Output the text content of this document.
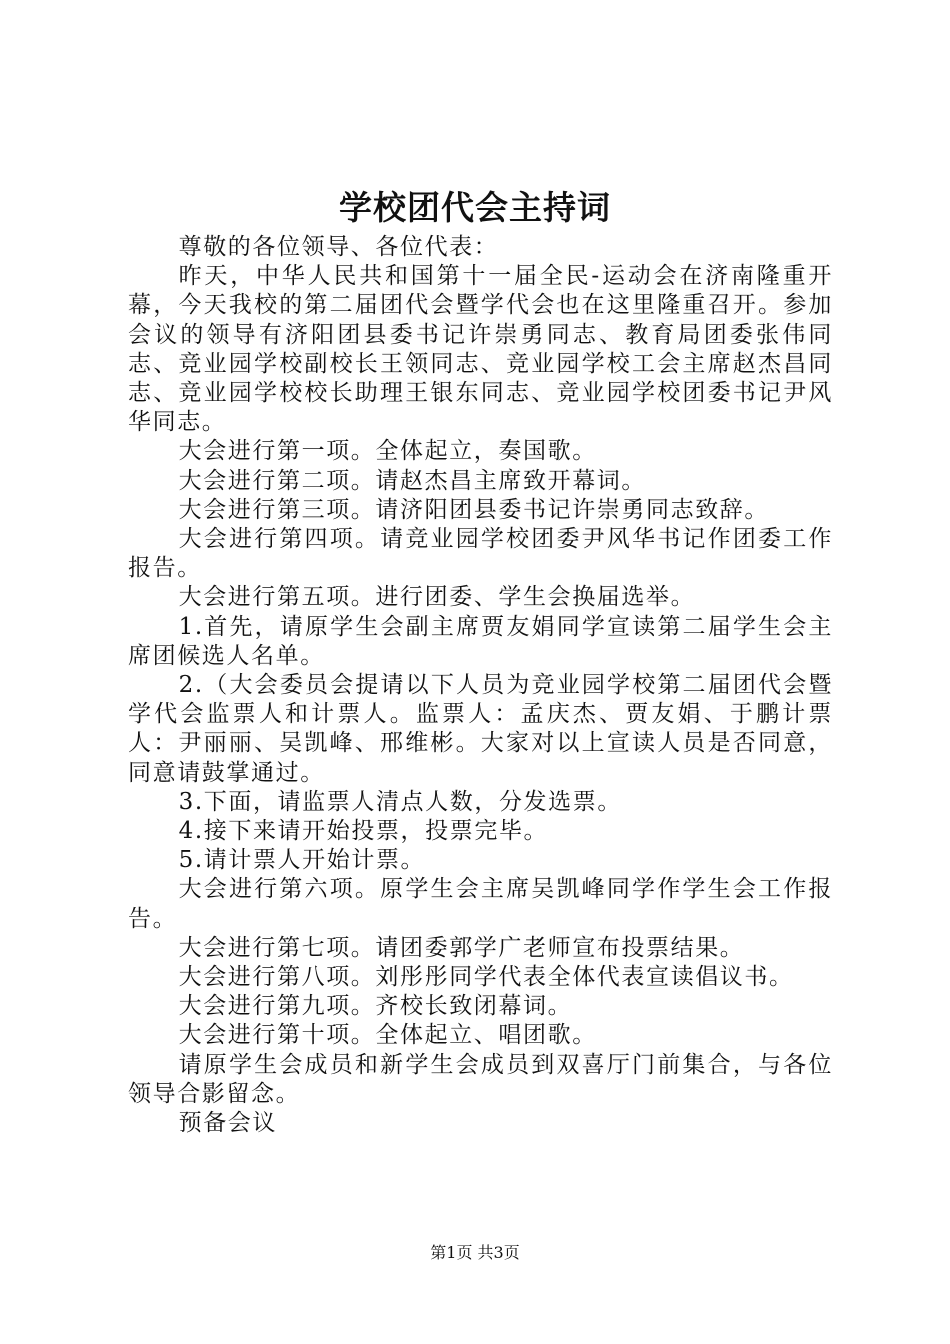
学校团代会主持词

尊敬的各位领导、各位代表：

昨天，中华人民共和国第十一届全民-运动会在济南隆重开幕，今天我校的第二届团代会暨学代会也在这里隆重召开。参加会议的领导有济阳团县委书记许崇勇同志、教育局团委张伟同志、竞业园学校副校长王领同志、竞业园学校工会主席赵杰昌同志、竞业园学校校长助理王银东同志、竞业园学校团委书记尹风华同志。

大会进行第一项。全体起立，奏国歌。

大会进行第二项。请赵杰昌主席致开幕词。

大会进行第三项。请济阳团县委书记许崇勇同志致辞。

大会进行第四项。请竞业园学校团委尹风华书记作团委工作报告。

大会进行第五项。进行团委、学生会换届选举。

1.首先，请原学生会副主席贾友娟同学宣读第二届学生会主席团候选人名单。

2.（大会委员会提请以下人员为竞业园学校第二届团代会暨学代会监票人和计票人。监票人：孟庆杰、贾友娟、于鹏计票人：尹丽丽、吴凯峰、邢维彬。大家对以上宣读人员是否同意，同意请鼓掌通过。

3.下面，请监票人清点人数，分发选票。

4.接下来请开始投票，投票完毕。

5.请计票人开始计票。

大会进行第六项。原学生会主席吴凯峰同学作学生会工作报告。

大会进行第七项。请团委郭学广老师宣布投票结果。

大会进行第八项。刘彤彤同学代表全体代表宣读倡议书。

大会进行第九项。齐校长致闭幕词。

大会进行第十项。全体起立、唱团歌。

请原学生会成员和新学生会成员到双喜厅门前集合，与各位领导合影留念。

预备会议

第1页 共3页
